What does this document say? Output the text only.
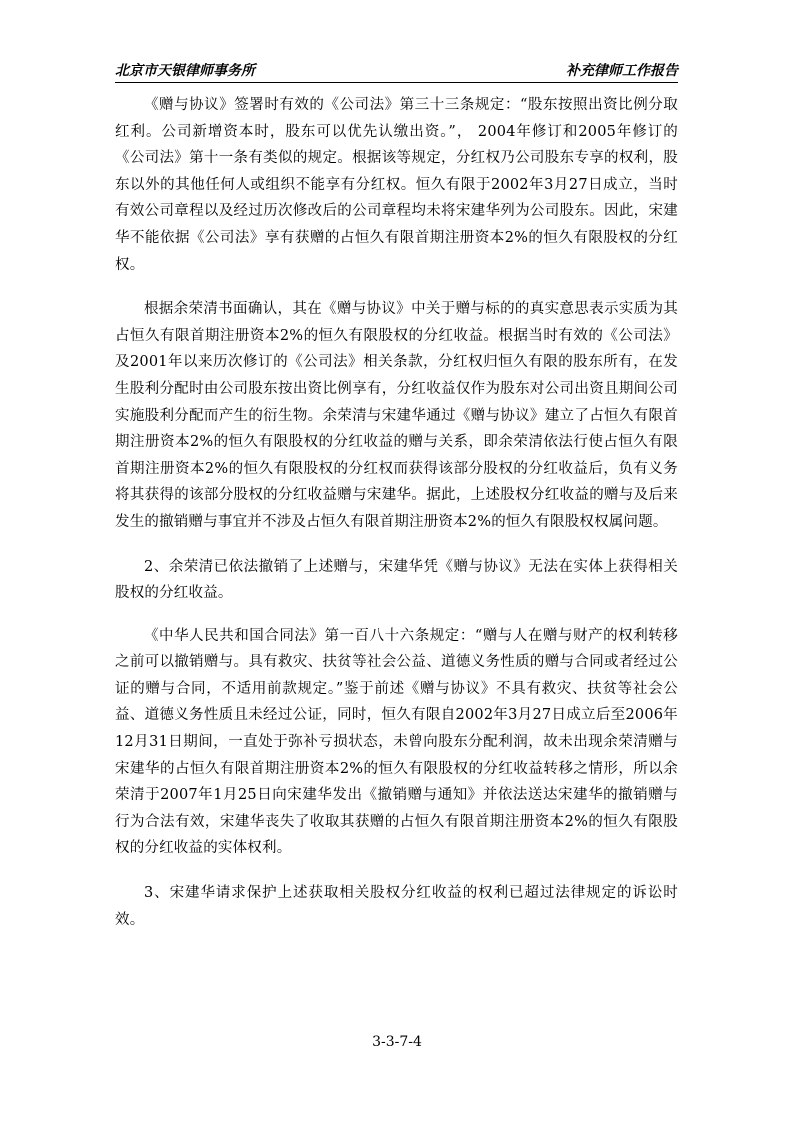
北京市天银律师事务所	补充律师工作报告

《赠与协议》签署时有效的《公司法》第三十三条规定：“股东按照出资比例分取红利。公司新增资本时，股东可以优先认缴出资。”， 2004年修订和2005年修订的《公司法》第十一条有类似的规定。根据该等规定，分红权乃公司股东专享的权利，股东以外的其他任何人或组织不能享有分红权。恒久有限于2002年3月27日成立，当时有效公司章程以及经过历次修改后的公司章程均未将宋建华列为公司股东。因此，宋建华不能依据《公司法》享有获赠的占恒久有限首期注册资本2%的恒久有限股权的分红权。

根据余荣清书面确认，其在《赠与协议》中关于赠与标的的真实意思表示实质为其占恒久有限首期注册资本2%的恒久有限股权的分红收益。根据当时有效的《公司法》及2001年以来历次修订的《公司法》相关条款，分红权归恒久有限的股东所有，在发生股利分配时由公司股东按出资比例享有，分红收益仅作为股东对公司出资且期间公司实施股利分配而产生的衍生物。余荣清与宋建华通过《赠与协议》建立了占恒久有限首期注册资本2%的恒久有限股权的分红收益的赠与关系，即余荣清依法行使占恒久有限首期注册资本2%的恒久有限股权的分红权而获得该部分股权的分红收益后，负有义务将其获得的该部分股权的分红收益赠与宋建华。据此，上述股权分红收益的赠与及后来发生的撤销赠与事宜并不涉及占恒久有限首期注册资本2%的恒久有限股权权属问题。

2、余荣清已依法撤销了上述赠与，宋建华凭《赠与协议》无法在实体上获得相关股权的分红收益。

《中华人民共和国合同法》第一百八十六条规定：“赠与人在赠与财产的权利转移之前可以撤销赠与。具有救灾、扶贫等社会公益、道德义务性质的赠与合同或者经过公证的赠与合同，不适用前款规定。”鉴于前述《赠与协议》不具有救灾、扶贫等社会公益、道德义务性质且未经过公证，同时，恒久有限自2002年3月27日成立后至2006年12月31日期间，一直处于弥补亏损状态，未曾向股东分配利润，故未出现余荣清赠与宋建华的占恒久有限首期注册资本2%的恒久有限股权的分红收益转移之情形，所以余荣清于2007年1月25日向宋建华发出《撤销赠与通知》并依法送达宋建华的撤销赠与行为合法有效，宋建华丧失了收取其获赠的占恒久有限首期注册资本2%的恒久有限股权的分红收益的实体权利。

3、宋建华请求保护上述获取相关股权分红收益的权利已超过法律规定的诉讼时效。

3-3-7-4
